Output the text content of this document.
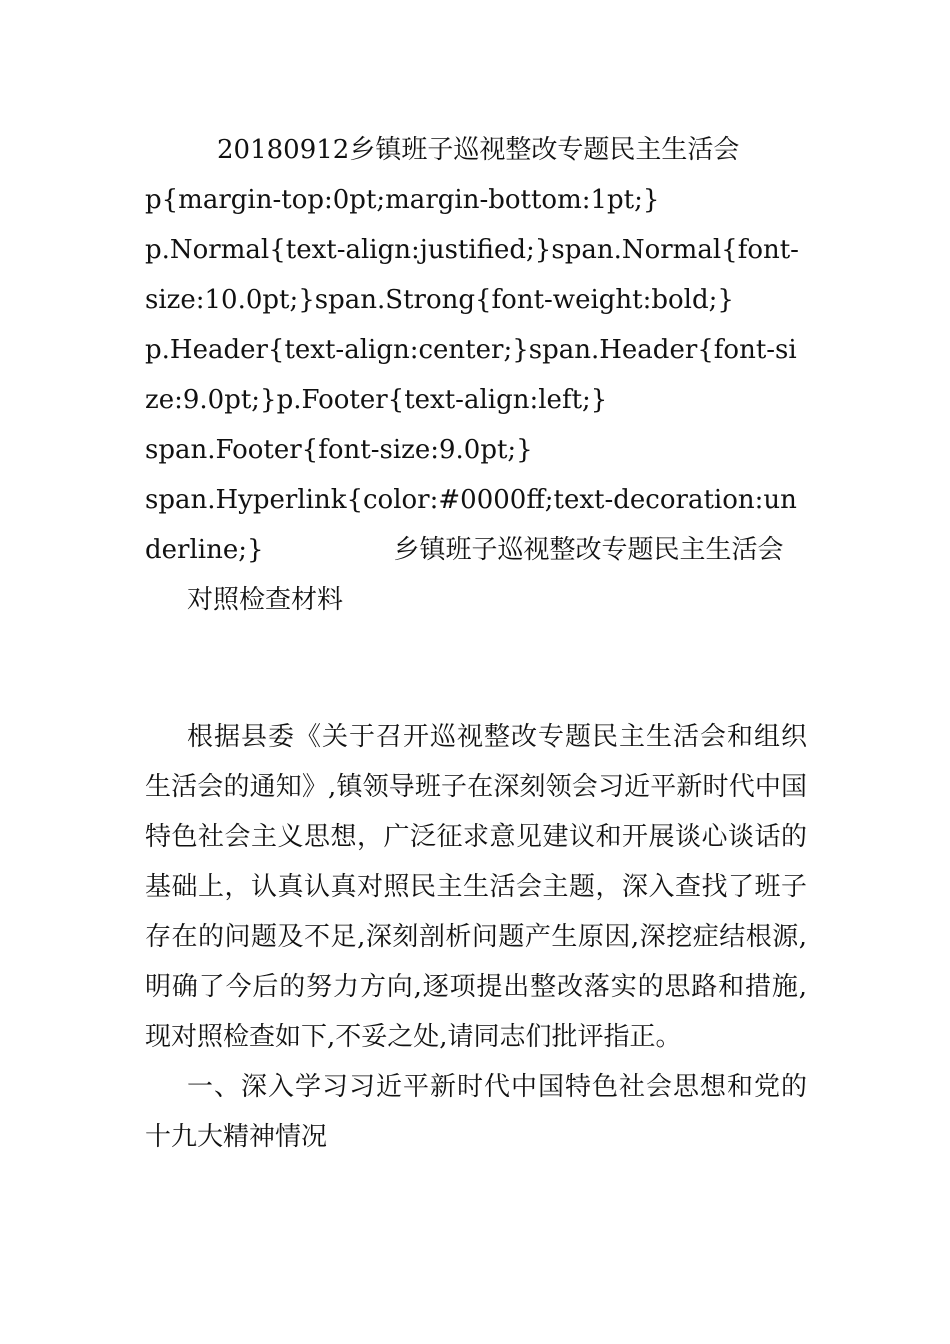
20180912乡镇班子巡视整改专题民主生活会

p{margin-top:0pt;margin-bottom:1pt;}

p.Normal{text-align:justified;}span.Normal{font-size:10.0pt;}span.Strong{font-weight:bold;}

p.Header{text-align:center;}span.Header{font-size:9.0pt;}p.Footer{text-align:left;}

span.Footer{font-size:9.0pt;}

span.Hyperlink{color:#0000ff;text-decoration:underline;}	乡镇班子巡视整改专题民主生活会

对照检查材料

根据县委《关于召开巡视整改专题民主生活会和组织生活会的通知》,镇领导班子在深刻领会习近平新时代中国特色社会主义思想，广泛征求意见建议和开展谈心谈话的基础上，认真认真对照民主生活会主题，深入查找了班子存在的问题及不足,深刻剖析问题产生原因,深挖症结根源,明确了今后的努力方向,逐项提出整改落实的思路和措施,现对照检查如下,不妥之处,请同志们批评指正。

一、深入学习习近平新时代中国特色社会思想和党的十九大精神情况
